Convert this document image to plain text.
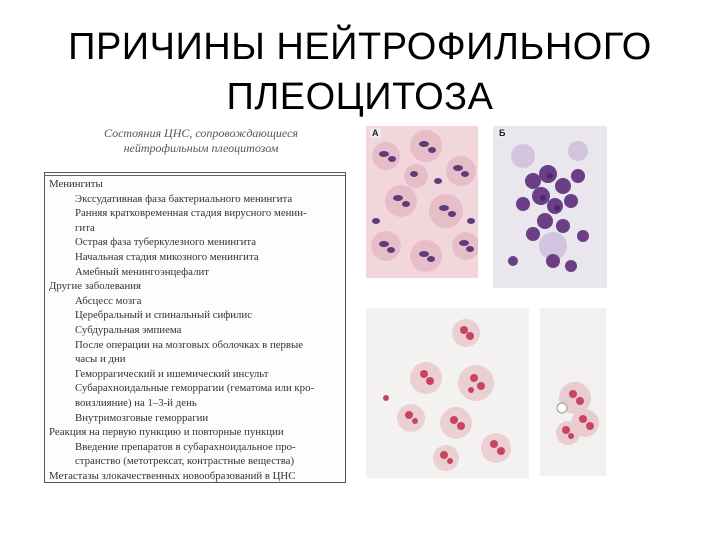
ПРИЧИНЫ НЕЙТРОФИЛЬНОГО
ПЛЕОЦИТОЗА
Состояния ЦНС, сопровождающиеся
нейтрофильным плеоцитозом
Менингиты
Экссудативная фаза бактериального менингита
Ранняя кратковременная стадия вирусного менин-
гита
Острая фаза туберкулезного менингита
Начальная стадия микозного менингита
Амебный менингоэнцефалит
Другие заболевания
Абсцесс мозга
Церебральный и спинальный сифилис
Субдуральная эмпиема
После операции на мозговых оболочках в первые
часы и дни
Геморрагический и ишемический инсульт
Субарахноидальные геморрагии (гематома или кро-
воизлияние) на 1–3-й день
Внутримозговые геморрагии
Реакция на первую пункцию и повторные пункции
Введение препаратов в субарахноидальное про-
странство (метотрексат, контрастные вещества)
Метастазы злокачественных новообразований в ЦНС
А	Б
